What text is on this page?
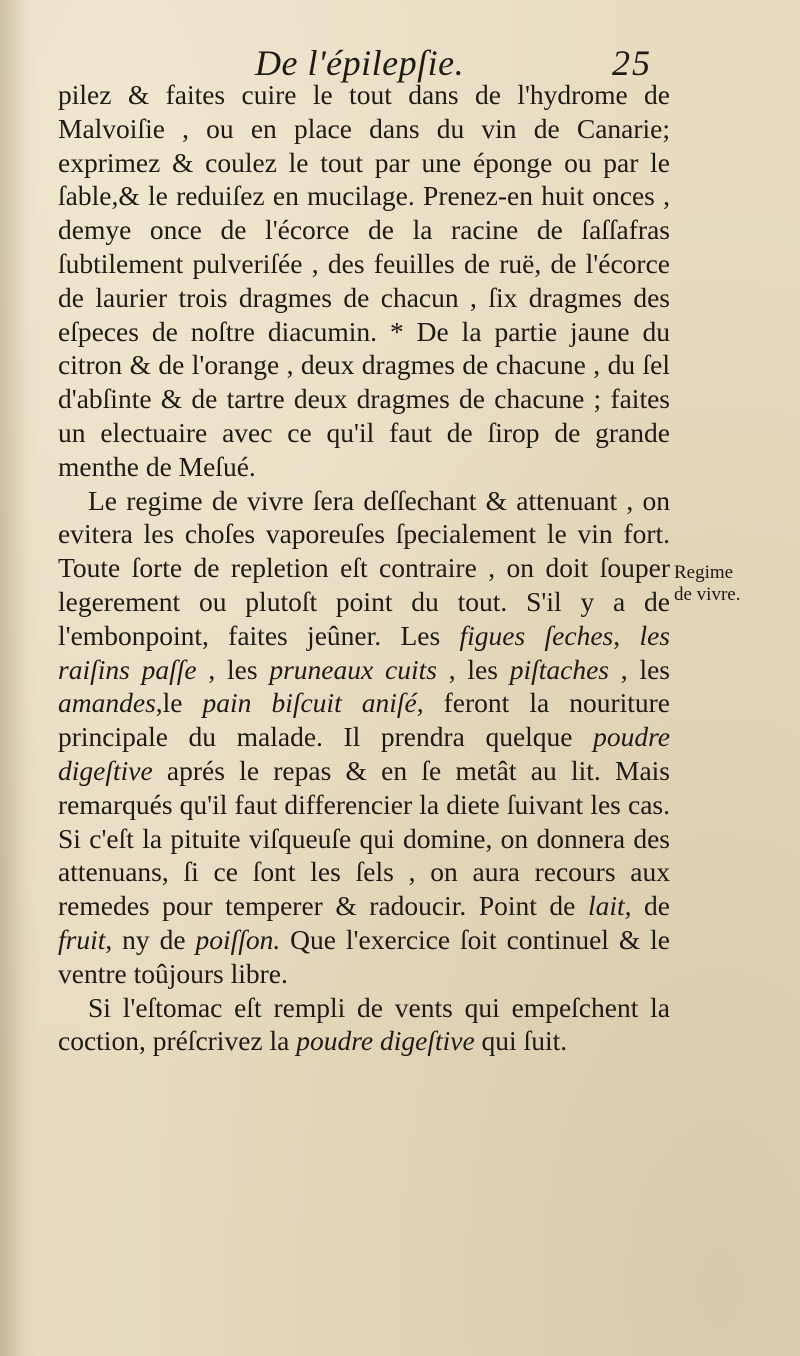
De l'épilepſie.	25

pilez & faites cuire le tout dans de l'hydrome de Malvoiſie , ou en place dans du vin de Canarie; exprimez & coulez le tout par une éponge ou par le ſable,& le reduiſez en mucilage. Prenez-en huit onces , demye once de l'écorce de la racine de ſaſſafras ſubtilement pulveriſée , des feuilles de ruë, de l'écorce de laurier trois dragmes de chacun , ſix dragmes des eſpeces de noſtre diacumin. * De la partie jaune du citron & de l'orange , deux dragmes de chacune , du ſel d'abſinte & de tartre deux dragmes de chacune ; faites un electuaire avec ce qu'il faut de ſirop de grande menthe de Meſué.

Le regime de vivre ſera deſſechant & attenuant , on evitera les choſes vaporeuſes ſpecialement le vin fort. Toute ſorte de repletion eſt contraire , on doit ſouper legerement ou plutoſt point du tout. S'il y a de l'embonpoint, faites jeûner. Les figues ſeches, les raiſins paſſe , les pruneaux cuits , les piſtaches , les amandes,le pain biſcuit aniſé, feront la nouriture principale du malade. Il prendra quelque poudre digeſtive aprés le repas & en ſe metât au lit. Mais remarqués qu'il faut differencier la diete ſuivant les cas. Si c'eſt la pituite viſqueuſe qui domine, on donnera des attenuans, ſi ce ſont les ſels , on aura recours aux remedes pour temperer & radoucir. Point de lait, de fruit, ny de poiſſon. Que l'exercice ſoit continuel & le ventre toûjours libre.

Si l'eſtomac eſt rempli de vents qui empeſchent la coction, préſcrivez la poudre digeſtive qui ſuit.

Regime
de vivre.
